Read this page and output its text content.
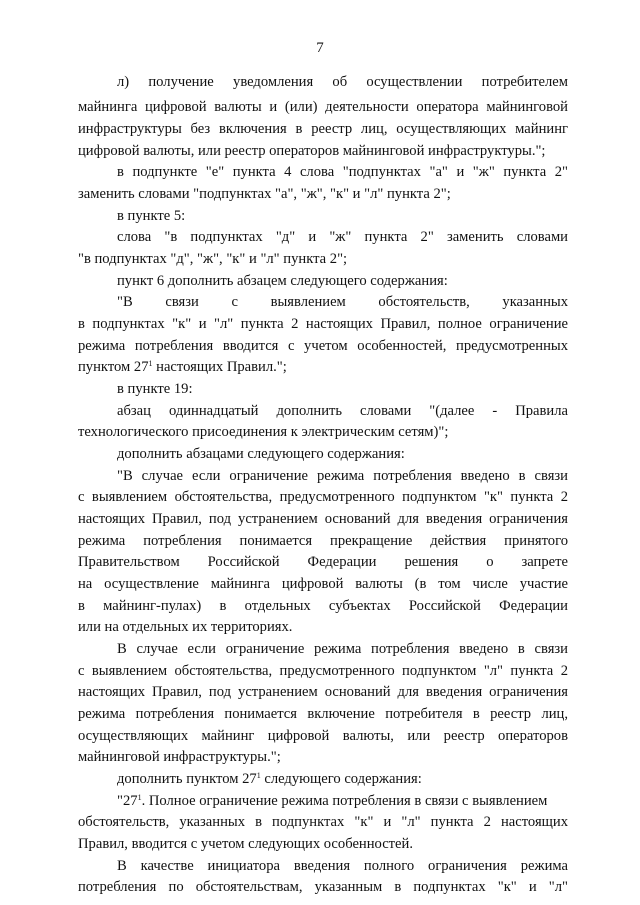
7
л) получение уведомления об осуществлении потребителем
майнинга цифровой валюты и (или) деятельности оператора майнинговой
инфраструктуры без включения в реестр лиц, осуществляющих майнинг
цифровой валюты, или реестр операторов майнинговой инфраструктуры.";
в подпункте "е" пункта 4 слова "подпунктах "а" и "ж" пункта 2"
заменить словами "подпунктах "а", "ж", "к" и "л" пункта 2";
в пункте 5:
слова "в подпунктах "д" и "ж" пункта 2" заменить словами
"в подпунктах "д", "ж", "к" и "л" пункта 2";
пункт 6 дополнить абзацем следующего содержания:
"В связи с выявлением обстоятельств, указанных
в подпунктах "к" и "л" пункта 2 настоящих Правил, полное ограничение
режима потребления вводится с учетом особенностей, предусмотренных
пунктом $27^1$ настоящих Правил.";
в пункте 19:
абзац одиннадцатый дополнить словами "(далее - Правила
технологического присоединения к электрическим сетям)";
дополнить абзацами следующего содержания:
"В случае если ограничение режима потребления введено в связи
с выявлением обстоятельства, предусмотренного подпунктом "к" пункта 2
настоящих Правил, под устранением оснований для введения ограничения
режима потребления понимается прекращение действия принятого
Правительством Российской Федерации решения о запрете
на осуществление майнинга цифровой валюты (в том числе участие
в майнинг-пулах) в отдельных субъектах Российской Федерации
или на отдельных их территориях.
В случае если ограничение режима потребления введено в связи
с выявлением обстоятельства, предусмотренного подпунктом "л" пункта 2
настоящих Правил, под устранением оснований для введения ограничения
режима потребления понимается включение потребителя в реестр лиц,
осуществляющих майнинг цифровой валюты, или реестр операторов
майнинговой инфраструктуры.";
дополнить пунктом $27^1$ следующего содержания:
"$27^1$. Полное ограничение режима потребления в связи с выявлением
обстоятельств, указанных в подпунктах "к" и "л" пункта 2 настоящих
Правил, вводится с учетом следующих особенностей.
В качестве инициатора введения полного ограничения режима
потребления по обстоятельствам, указанным в подпунктах "к" и "л"
